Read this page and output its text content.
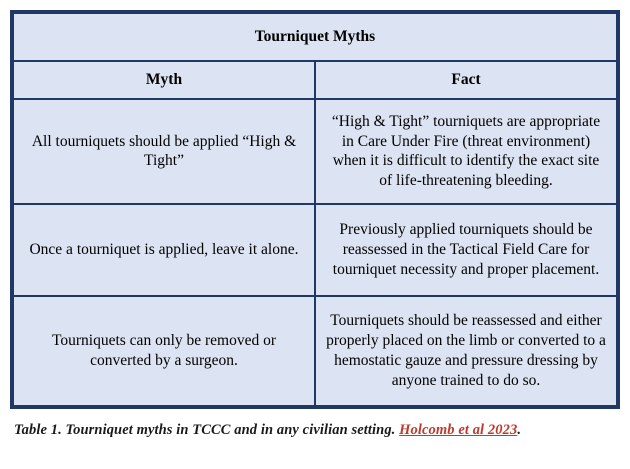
Tourniquet Myths	
Myth	Fact
All tourniquets should be applied “High & Tight”	“High & Tight” tourniquets are appropriate in Care Under Fire (threat environment) when it is difficult to identify the exact site of life-threatening bleeding.
Once a tourniquet is applied, leave it alone.	Previously applied tourniquets should be reassessed in the Tactical Field Care for tourniquet necessity and proper placement.
Tourniquets can only be removed or converted by a surgeon.	Tourniquets should be reassessed and either properly placed on the limb or converted to a hemostatic gauze and pressure dressing by anyone trained to do so.
Table 1. Tourniquet myths in TCCC and in any civilian setting. Holcomb et al 2023.
